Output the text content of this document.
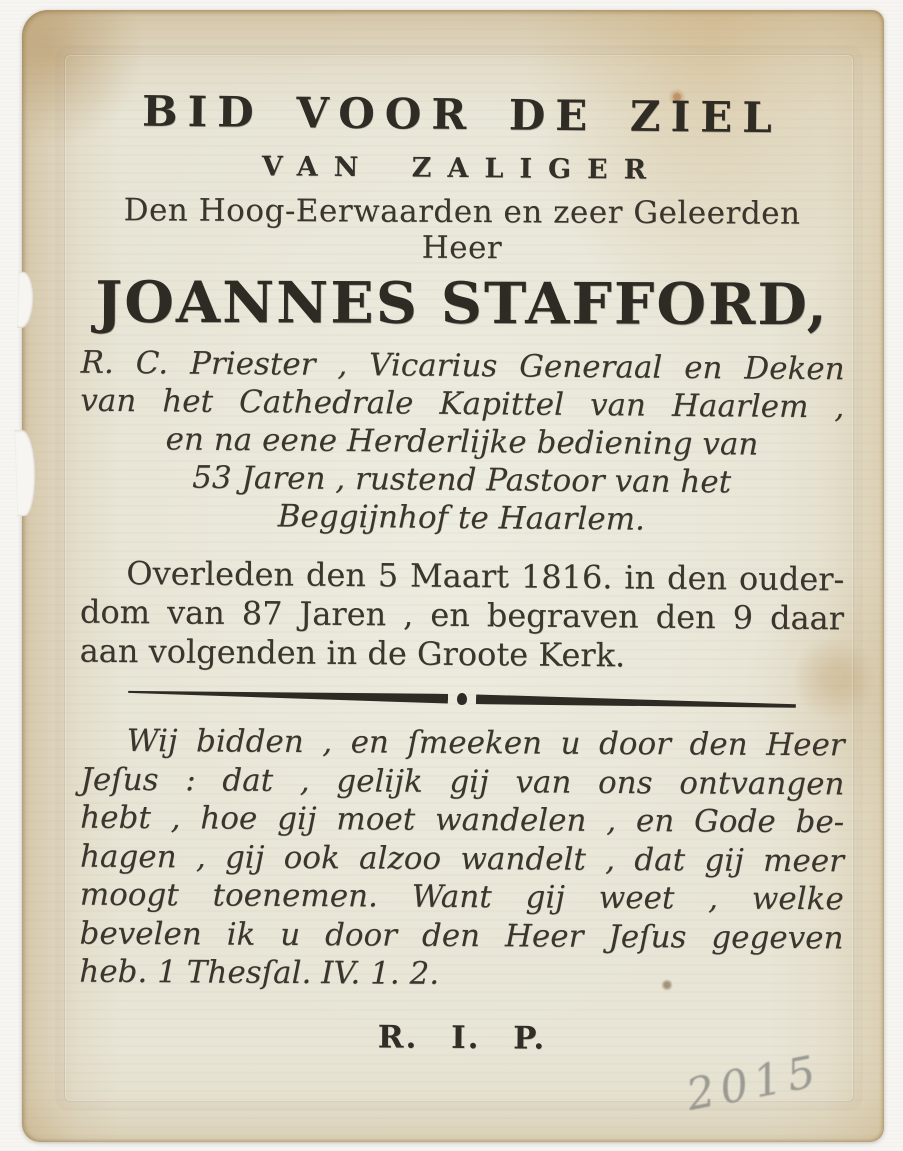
BID VOOR DE ZIEL
VAN ZALIGER
Den Hoog-Eerwaarden en zeer Geleerden Heer
JOANNES STAFFORD,
R. C. Priester , Vicarius Generaal en Deken
van het Cathedrale Kapittel van Haarlem ,
en na eene Herderlijke bediening van
53 Jaren , rustend Pastoor van het
Beggijnhof te Haarlem.
Overleden den 5 Maart 1816. in den ouder-
dom van 87 Jaren , en begraven den 9 daar
aan volgenden in de Groote Kerk.
Wij bidden , en ſmeeken u door den Heer
Jeſus : dat , gelijk gij van ons ontvangen
hebt , hoe gij moet wandelen , en Gode be-
hagen , gij ook alzoo wandelt , dat gij meer
moogt toenemen. Want gij weet , welke
bevelen ik u door den Heer Jeſus gegeven
heb. 1 Thesſal. IV. 1. 2.
R. I. P.
2015
